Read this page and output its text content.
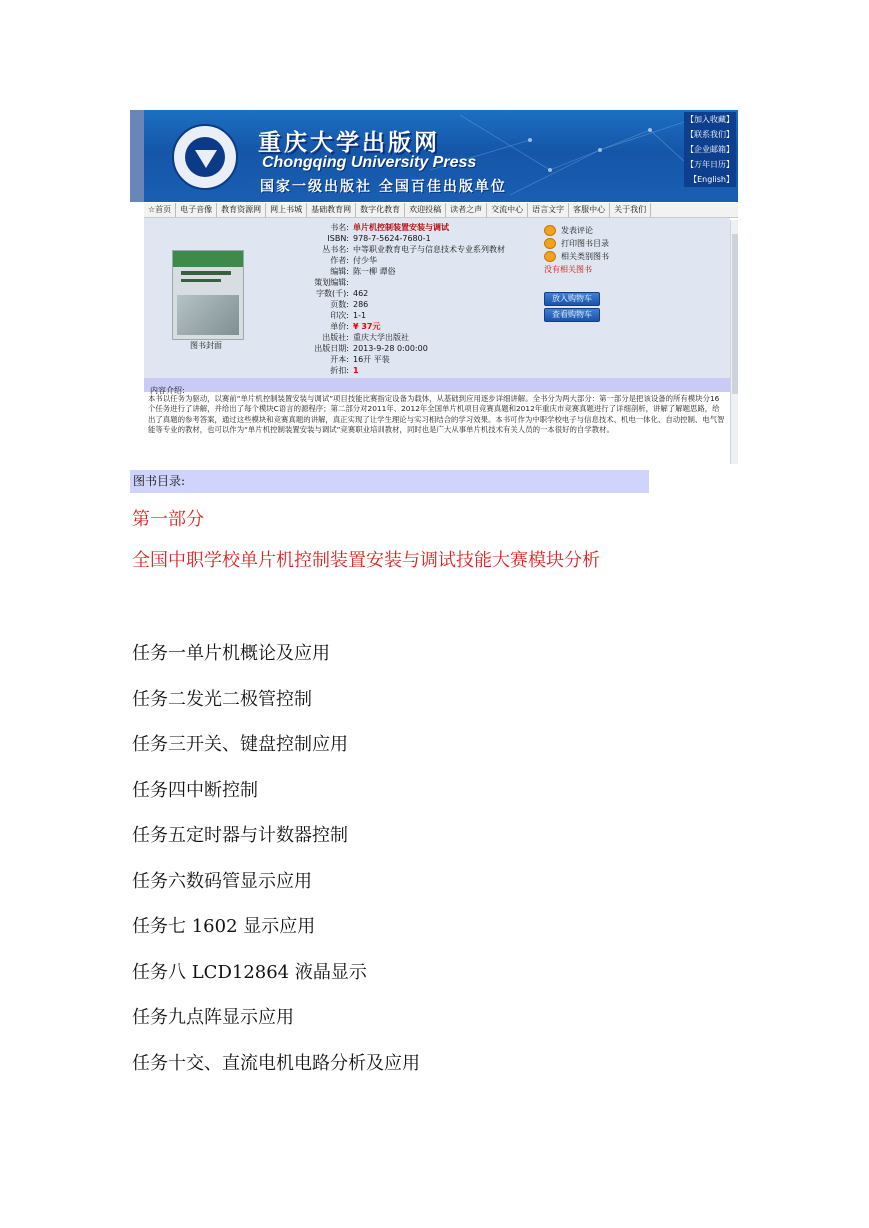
重庆大学出版网
Chongqing University Press
国家一级出版社 全国百佳出版单位
【加入收藏】
【联系我们】
【企业邮箱】
【万年日历】
【English】
☆首页	电子音像	教育资源网	网上书城	基础教育网	数字化教育	欢迎投稿	读者之声	交流中心	语言文字	客服中心	关于我们
图书封面
书名: 单片机控制装置安装与调试
ISBN: 978-7-5624-7680-1
丛书名: 中等职业教育电子与信息技术专业系列教材
作者: 付少华
编辑: 陈一柳 谭俗
策划编辑:
字数(千): 462
页数: 286
印次: 1-1
单价: ¥ 37元
出版社: 重庆大学出版社
出版日期: 2013-9-28 0:00:00
开本: 16开 平装
折扣: 1
发表评论
打印图书目录
相关类别图书
没有相关图书
放入购物车
查看购物车
内容介绍:
本书以任务为驱动，以赛前“单片机控制装置安装与调试”项目技能比赛指定设备为载体，从基础到应用逐步详细讲解。全书分为两大部分：第一部分是把该设备的所有模块分16个任务进行了讲解，并给出了每个模块C语言的源程序；第二部分对2011年、2012年全国单片机项目竞赛真题和2012年重庆市竞赛真题进行了详细剖析，讲解了解题思路，给出了真题的参考答案，通过这些模块和竞赛真题的讲解，真正实现了让学生理论与实习相结合的学习效果。本书可作为中职学校电子与信息技术、机电一体化、自动控制、电气智能等专业的教材，也可以作为“单片机控制装置安装与调试”竞赛职业培训教材，同时也是广大从事单片机技术有关人员的一本很好的自学教材。
图书目录:
第一部分
全国中职学校单片机控制装置安装与调试技能大赛模块分析
任务一单片机概论及应用
任务二发光二极管控制
任务三开关、键盘控制应用
任务四中断控制
任务五定时器与计数器控制
任务六数码管显示应用
任务七 1602 显示应用
任务八 LCD12864 液晶显示
任务九点阵显示应用
任务十交、直流电机电路分析及应用
